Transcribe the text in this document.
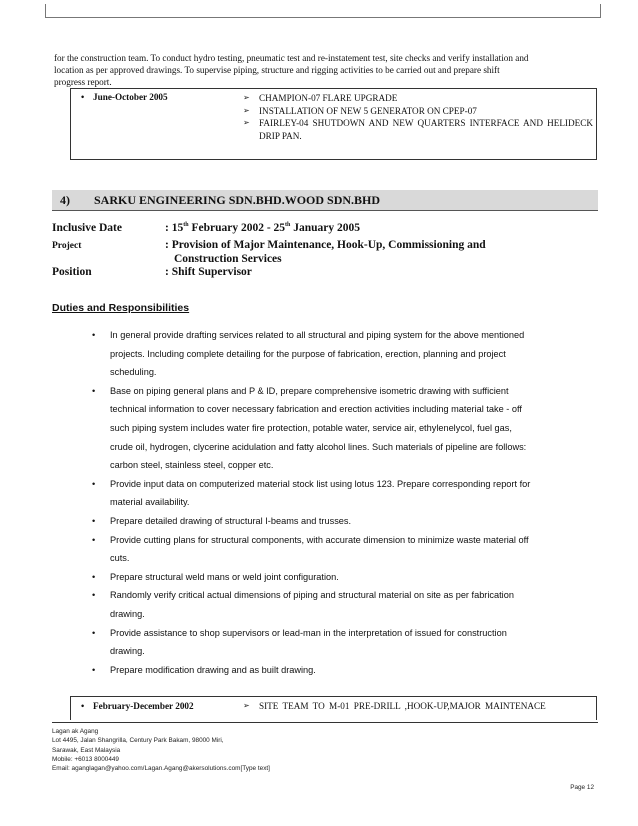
for the construction team. To conduct hydro testing, pneumatic test and re-instatement test, site checks and verify installation and

location as per approved drawings. To supervise piping, structure and rigging activities to be carried out and prepare shift

progress report.

• June-October 2005	➢	CHAMPION-07 FLARE UPGRADE
➢	INSTALLATION OF NEW 5 GENERATOR ON CPEP-07
➢	FAIRLEY-04 SHUTDOWN AND NEW QUARTERS INTERFACE AND HELIDECK DRIP PAN.
4) SARKU ENGINEERING SDN.BHD.WOOD SDN.BHD
Inclusive Date	: 15th February 2002 - 25th January 2005
Project	: Provision of Major Maintenance, Hook-Up, Commissioning and
Construction Services
Position	: Shift Supervisor
Duties and Responsibilities
• In general provide drafting services related to all structural and piping system for the above mentioned
projects. Including complete detailing for the purpose of fabrication, erection, planning and project
scheduling.
• Base on piping general plans and P & ID, prepare comprehensive isometric drawing with sufficient
technical information to cover necessary fabrication and erection activities including material take - off
such piping system includes water fire protection, potable water, service air, ethylenelycol, fuel gas,
crude oil, hydrogen, clycerine acidulation and fatty alcohol lines. Such materials of pipeline are follows:
carbon steel, stainless steel, copper etc.
• Provide input data on computerized material stock list using lotus 123. Prepare corresponding report for
material availability.
• Prepare detailed drawing of structural I-beams and trusses.
• Provide cutting plans for structural components, with accurate dimension to minimize waste material off
cuts.
• Prepare structural weld mans or weld joint configuration.
• Randomly verify critical actual dimensions of piping and structural material on site as per fabrication
drawing.
• Provide assistance to shop supervisors or lead-man in the interpretation of issued for construction
drawing.
• Prepare modification drawing and as built drawing.
• February-December 2002	➢	SITE TEAM TO M-01 PRE-DRILL ,HOOK-UP,MAJOR MAINTENACE
Lagan ak Agang
Lot 4495, Jalan Shangrilla, Century Park Bakam, 98000 Miri,
Sarawak, East Malaysia
Mobile: +6013 8000449
Email: aganglagan@yahoo.com/Lagan.Agang@akersolutions.com[Type text]
Page 12
